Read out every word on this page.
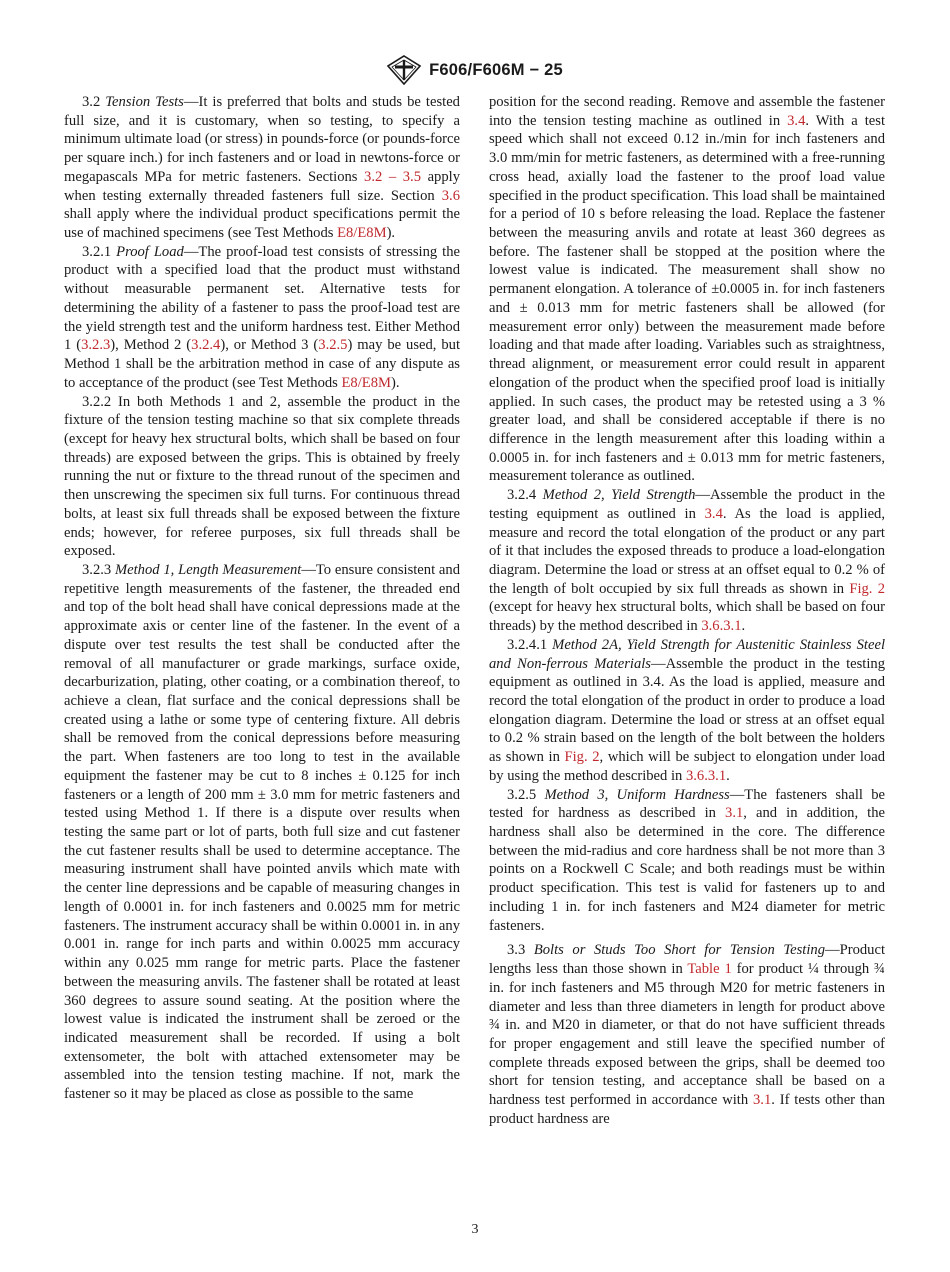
F606/F606M − 25

3.2 Tension Tests—It is preferred that bolts and studs be tested full size, and it is customary, when so testing, to specify a minimum ultimate load (or stress) in pounds-force (or pounds-force per square inch.) for inch fasteners and or load in newtons-force or megapascals MPa for metric fasteners. Sections 3.2 – 3.5 apply when testing externally threaded fasteners full size. Section 3.6 shall apply where the individual product specifications permit the use of machined specimens (see Test Methods E8/E8M).

3.2.1 Proof Load—The proof-load test consists of stressing the product with a specified load that the product must withstand without measurable permanent set. Alternative tests for determining the ability of a fastener to pass the proof-load test are the yield strength test and the uniform hardness test. Either Method 1 (3.2.3), Method 2 (3.2.4), or Method 3 (3.2.5) may be used, but Method 1 shall be the arbitration method in case of any dispute as to acceptance of the product (see Test Methods E8/E8M).

3.2.2 In both Methods 1 and 2, assemble the product in the fixture of the tension testing machine so that six complete threads (except for heavy hex structural bolts, which shall be based on four threads) are exposed between the grips. This is obtained by freely running the nut or fixture to the thread runout of the specimen and then unscrewing the specimen six full turns. For continuous thread bolts, at least six full threads shall be exposed between the fixture ends; however, for referee purposes, six full threads shall be exposed.

3.2.3 Method 1, Length Measurement—To ensure consistent and repetitive length measurements of the fastener, the threaded end and top of the bolt head shall have conical depressions made at the approximate axis or center line of the fastener. In the event of a dispute over test results the test shall be conducted after the removal of all manufacturer or grade markings, surface oxide, decarburization, plating, other coating, or a combination thereof, to achieve a clean, flat surface and the conical depressions shall be created using a lathe or some type of centering fixture. All debris shall be removed from the conical depressions before measuring the part. When fasteners are too long to test in the available equipment the fastener may be cut to 8 inches ± 0.125 for inch fasteners or a length of 200 mm ± 3.0 mm for metric fasteners and tested using Method 1. If there is a dispute over results when testing the same part or lot of parts, both full size and cut fastener the cut fastener results shall be used to determine acceptance. The measuring instrument shall have pointed anvils which mate with the center line depressions and be capable of measuring changes in length of 0.0001 in. for inch fasteners and 0.0025 mm for metric fasteners. The instrument accuracy shall be within 0.0001 in. in any 0.001 in. range for inch parts and within 0.0025 mm accuracy within any 0.025 mm range for metric parts. Place the fastener between the measuring anvils. The fastener shall be rotated at least 360 degrees to assure sound seating. At the position where the lowest value is indicated the instrument shall be zeroed or the indicated measurement shall be recorded. If using a bolt extensometer, the bolt with attached extensometer may be assembled into the tension testing machine. If not, mark the fastener so it may be placed as close as possible to the same

position for the second reading. Remove and assemble the fastener into the tension testing machine as outlined in 3.4. With a test speed which shall not exceed 0.12 in./min for inch fasteners and 3.0 mm/min for metric fasteners, as determined with a free-running cross head, axially load the fastener to the proof load value specified in the product specification. This load shall be maintained for a period of 10 s before releasing the load. Replace the fastener between the measuring anvils and rotate at least 360 degrees as before. The fastener shall be stopped at the position where the lowest value is indicated. The measurement shall show no permanent elongation. A tolerance of ±0.0005 in. for inch fasteners and ± 0.013 mm for metric fasteners shall be allowed (for measurement error only) between the measurement made before loading and that made after loading. Variables such as straightness, thread alignment, or measurement error could result in apparent elongation of the product when the specified proof load is initially applied. In such cases, the product may be retested using a 3 % greater load, and shall be considered acceptable if there is no difference in the length measurement after this loading within a 0.0005 in. for inch fasteners and ± 0.013 mm for metric fasteners, measurement tolerance as outlined.

3.2.4 Method 2, Yield Strength—Assemble the product in the testing equipment as outlined in 3.4. As the load is applied, measure and record the total elongation of the product or any part of it that includes the exposed threads to produce a load-elongation diagram. Determine the load or stress at an offset equal to 0.2 % of the length of bolt occupied by six full threads as shown in Fig. 2 (except for heavy hex structural bolts, which shall be based on four threads) by the method described in 3.6.3.1.

3.2.4.1 Method 2A, Yield Strength for Austenitic Stainless Steel and Non-ferrous Materials—Assemble the product in the testing equipment as outlined in 3.4. As the load is applied, measure and record the total elongation of the product in order to produce a load elongation diagram. Determine the load or stress at an offset equal to 0.2 % strain based on the length of the bolt between the holders as shown in Fig. 2, which will be subject to elongation under load by using the method described in 3.6.3.1.

3.2.5 Method 3, Uniform Hardness—The fasteners shall be tested for hardness as described in 3.1, and in addition, the hardness shall also be determined in the core. The difference between the mid-radius and core hardness shall be not more than 3 points on a Rockwell C Scale; and both readings must be within product specification. This test is valid for fasteners up to and including 1 in. for inch fasteners and M24 diameter for metric fasteners.

3.3 Bolts or Studs Too Short for Tension Testing—Product lengths less than those shown in Table 1 for product ¼ through ¾ in. for inch fasteners and M5 through M20 for metric fasteners in diameter and less than three diameters in length for product above ¾ in. and M20 in diameter, or that do not have sufficient threads for proper engagement and still leave the specified number of complete threads exposed between the grips, shall be deemed too short for tension testing, and acceptance shall be based on a hardness test performed in accordance with 3.1. If tests other than product hardness are

3
